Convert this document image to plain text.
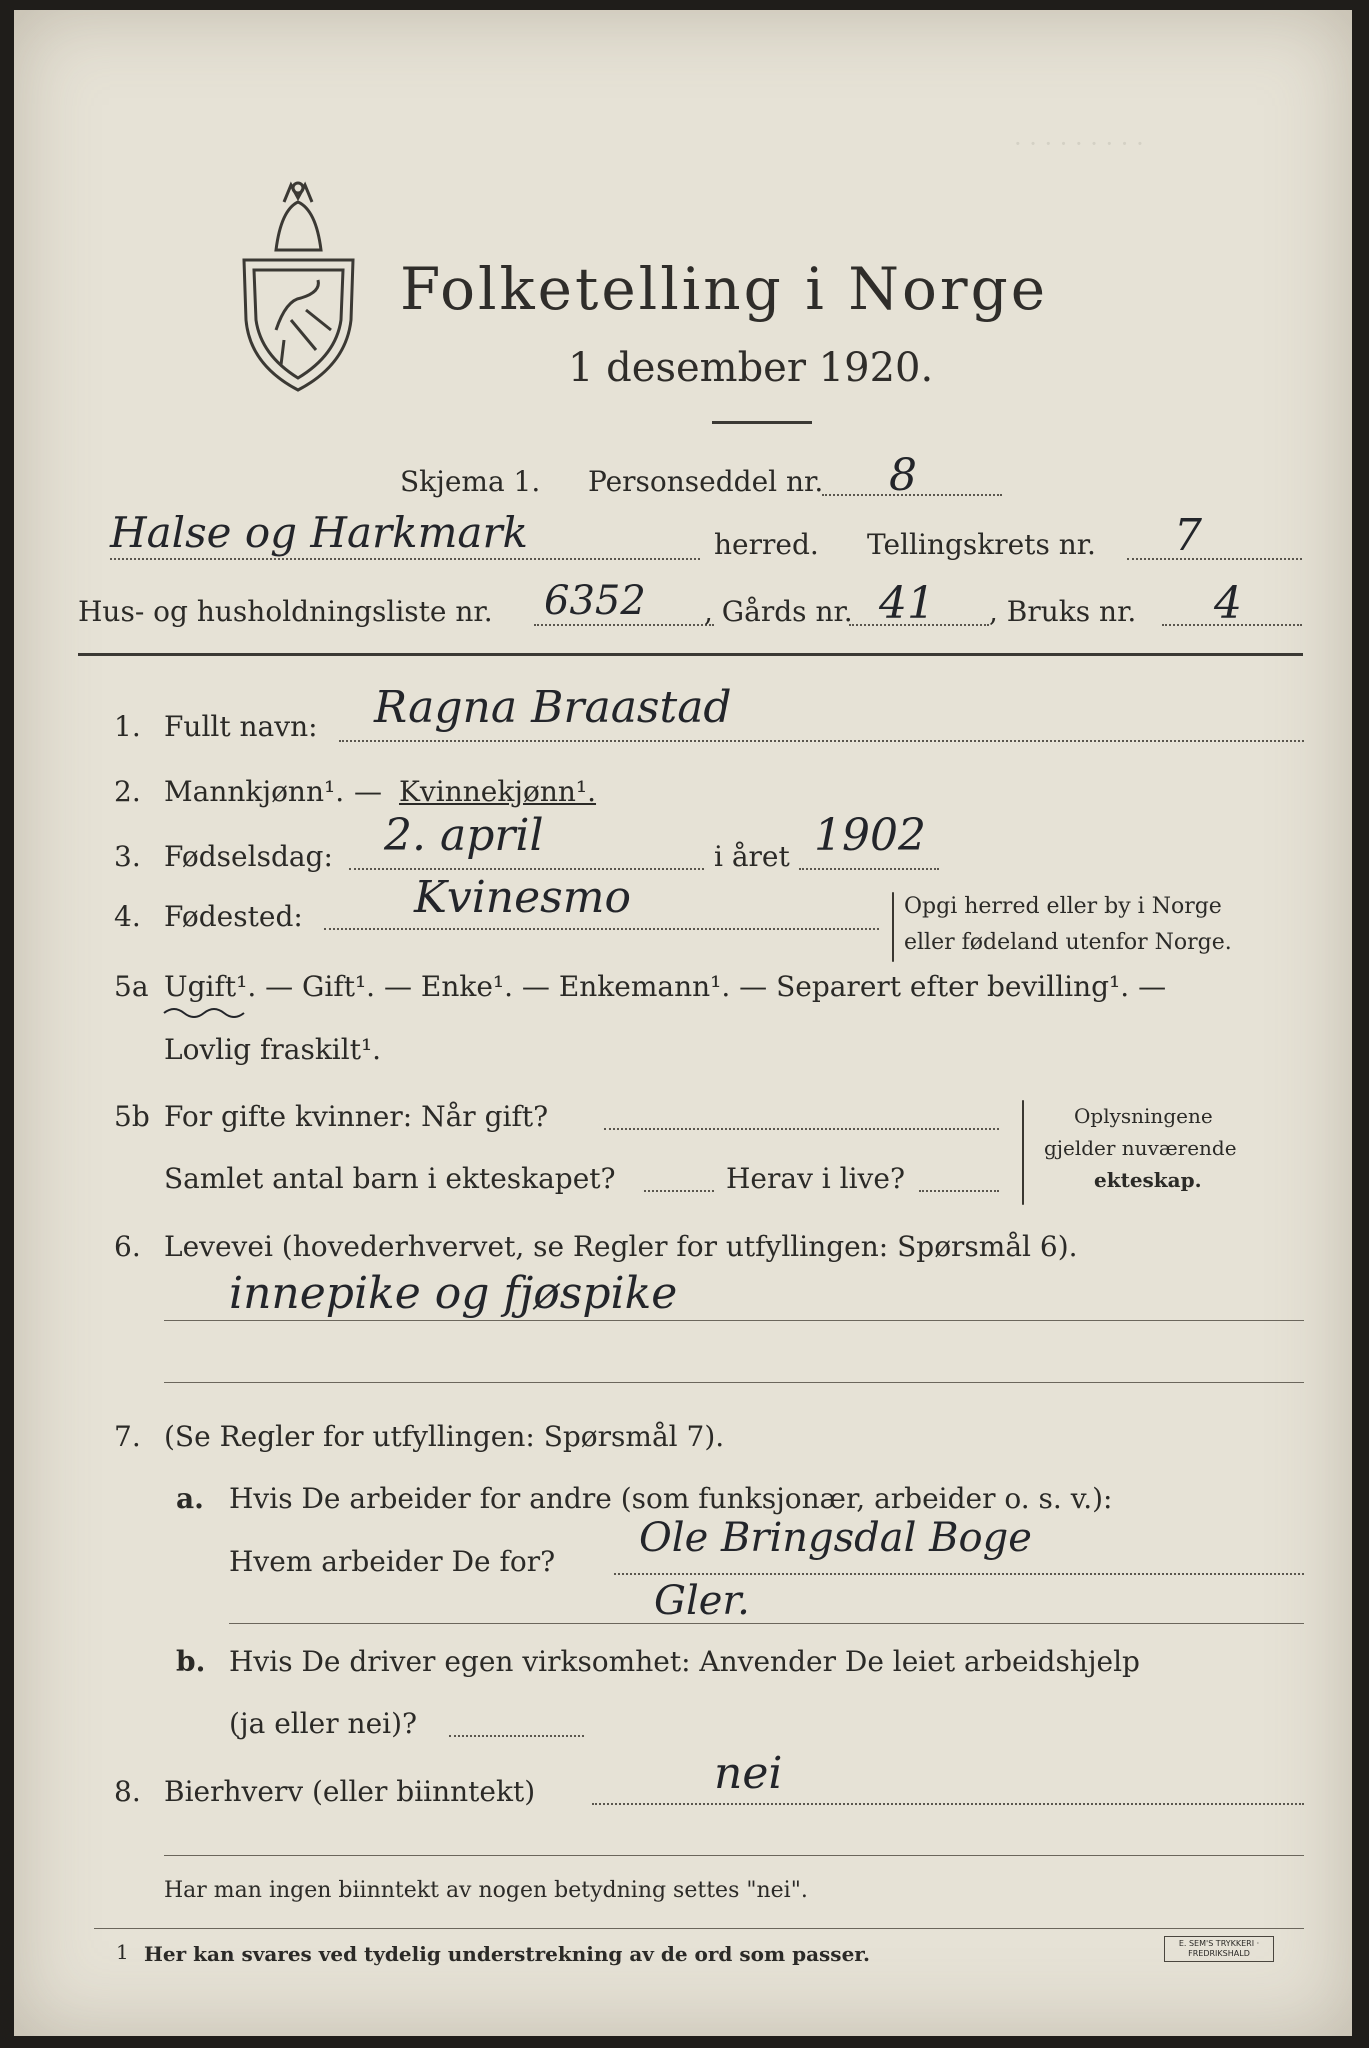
· · · · · · · · ·
Folketelling i Norge
1 desember 1920.
Skjema 1. Personseddel nr. 8
Halse og Harkmark	herred. Tellingskrets nr. 7
Hus- og husholdningsliste nr. 6352 , Gårds nr. 41 , Bruks nr. 4
1. Fullt navn: Ragna Braastad
2. Mannkjønn¹. — Kvinnekjønn¹.
3. Fødselsdag: 2. april	i året 1902
4. Fødested:	Kvinesmo	Opgi herred eller by i Norge
eller fødeland utenfor Norge.
5a Ugift¹. — Gift¹. — Enke¹. — Enkemann¹. — Separert efter bevilling¹. —
Lovlig fraskilt¹.
5b For gifte kvinner: Når gift?
Samlet antal barn i ekteskapet?	Herav i live?
Oplysningene
gjelder nuværende
ekteskap.
6. Levevei (hovederhvervet, se Regler for utfyllingen: Spørsmål 6).
innepike og fjøspike
7. (Se Regler for utfyllingen: Spørsmål 7).
a. Hvis De arbeider for andre (som funksjonær, arbeider o. s. v.):
Hvem arbeider De for?
Ole Bringsdal Boge
Gler.
b. Hvis De driver egen virksomhet: Anvender De leiet arbeidshjelp
(ja eller nei)?
8. Bierhverv (eller biinntekt)	nei
Har man ingen biinntekt av nogen betydning settes "nei".
1 Her kan svares ved tydelig understrekning av de ord som passer.	E. SEM'S TRYKKERI · FREDRIKSHALD
